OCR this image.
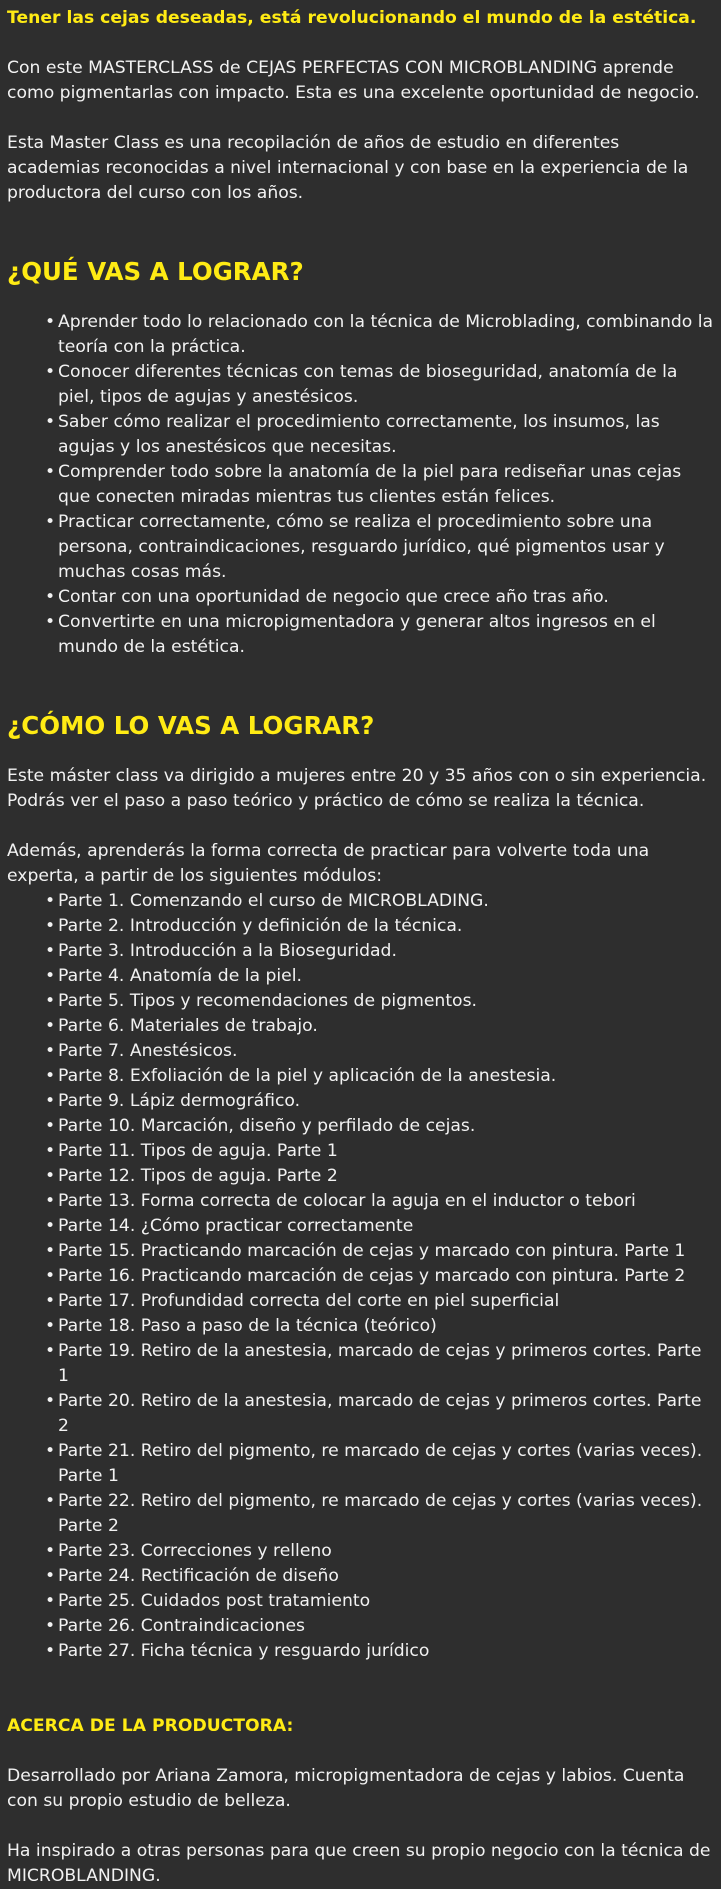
Tener las cejas deseadas, está revolucionando el mundo de la estética.

Con este MASTERCLASS de CEJAS PERFECTAS CON MICROBLANDING aprende como pigmentarlas con impacto. Esta es una excelente oportunidad de negocio.

Esta Master Class es una recopilación de años de estudio en diferentes academias reconocidas a nivel internacional y con base en la experiencia de la productora del curso con los años.

¿QUÉ VAS A LOGRAR?
• Aprender todo lo relacionado con la técnica de Microblading, combinando la teoría con la práctica.
• Conocer diferentes técnicas con temas de bioseguridad, anatomía de la piel, tipos de agujas y anestésicos.
• Saber cómo realizar el procedimiento correctamente, los insumos, las agujas y los anestésicos que necesitas.
• Comprender todo sobre la anatomía de la piel para rediseñar unas cejas que conecten miradas mientras tus clientes están felices.
• Practicar correctamente, cómo se realiza el procedimiento sobre una persona, contraindicaciones, resguardo jurídico, qué pigmentos usar y muchas cosas más.
• Contar con una oportunidad de negocio que crece año tras año.
• Convertirte en una micropigmentadora y generar altos ingresos en el mundo de la estética.
¿CÓMO LO VAS A LOGRAR?

Este máster class va dirigido a mujeres entre 20 y 35 años con o sin experiencia. Podrás ver el paso a paso teórico y práctico de cómo se realiza la técnica.

Además, aprenderás la forma correcta de practicar para volverte toda una experta, a partir de los siguientes módulos:

• Parte 1. Comenzando el curso de MICROBLADING.
• Parte 2. Introducción y definición de la técnica.
• Parte 3. Introducción a la Bioseguridad.
• Parte 4. Anatomía de la piel.
• Parte 5. Tipos y recomendaciones de pigmentos.
• Parte 6. Materiales de trabajo.
• Parte 7. Anestésicos.
• Parte 8. Exfoliación de la piel y aplicación de la anestesia.
• Parte 9. Lápiz dermográfico.
• Parte 10. Marcación, diseño y perfilado de cejas.
• Parte 11. Tipos de aguja. Parte 1
• Parte 12. Tipos de aguja. Parte 2
• Parte 13. Forma correcta de colocar la aguja en el inductor o tebori
• Parte 14. ¿Cómo practicar correctamente
• Parte 15. Practicando marcación de cejas y marcado con pintura. Parte 1
• Parte 16. Practicando marcación de cejas y marcado con pintura. Parte 2
• Parte 17. Profundidad correcta del corte en piel superficial
• Parte 18. Paso a paso de la técnica (teórico)
• Parte 19. Retiro de la anestesia, marcado de cejas y primeros cortes. Parte 1
• Parte 20. Retiro de la anestesia, marcado de cejas y primeros cortes. Parte 2
• Parte 21. Retiro del pigmento, re marcado de cejas y cortes (varias veces). Parte 1
• Parte 22. Retiro del pigmento, re marcado de cejas y cortes (varias veces). Parte 2
• Parte 23. Correcciones y relleno
• Parte 24. Rectificación de diseño
• Parte 25. Cuidados post tratamiento
• Parte 26. Contraindicaciones
• Parte 27. Ficha técnica y resguardo jurídico
ACERCA DE LA PRODUCTORA:

Desarrollado por Ariana Zamora, micropigmentadora de cejas y labios. Cuenta con su propio estudio de belleza.

Ha inspirado a otras personas para que creen su propio negocio con la técnica de MICROBLANDING.
